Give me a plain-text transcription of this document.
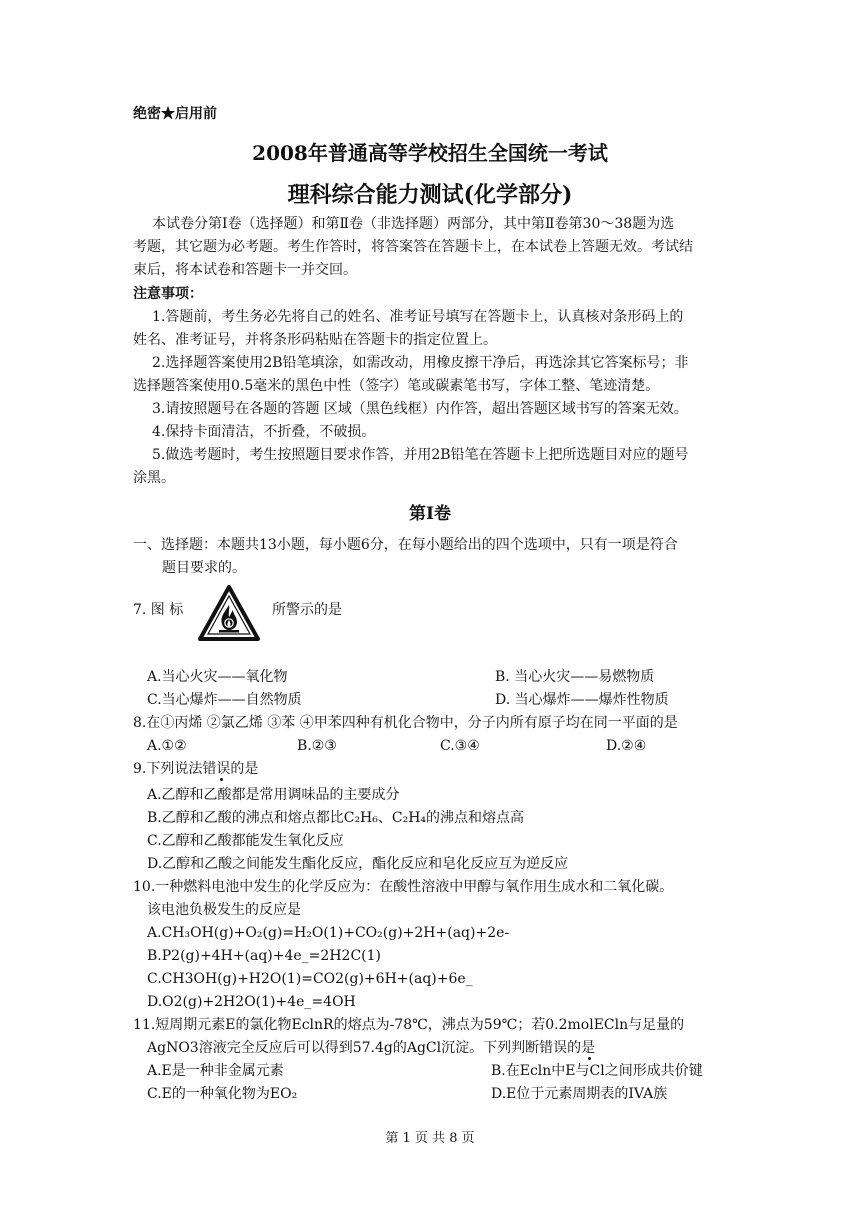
绝密★启用前
2008年普通高等学校招生全国统一考试
理科综合能力测试(化学部分)
本试卷分第Ⅰ卷（选择题）和第Ⅱ卷（非选择题）两部分，其中第Ⅱ卷第30～38题为选
考题，其它题为必考题。考生作答时，将答案答在答题卡上，在本试卷上答题无效。考试结
束后，将本试卷和答题卡一并交回。
注意事项：
1.答题前，考生务必先将自己的姓名、准考证号填写在答题卡上，认真核对条形码上的
姓名、准考证号，并将条形码粘贴在答题卡的指定位置上。
2.选择题答案使用2B铅笔填涂，如需改动，用橡皮擦干净后，再选涂其它答案标号；非
选择题答案使用0.5毫米的黑色中性（签字）笔或碳素笔书写，字体工整、笔迹清楚。
3.请按照题号在各题的答题 区域（黑色线框）内作答，超出答题区域书写的答案无效。
4.保持卡面清洁，不折叠，不破损。
5.做选考题时，考生按照题目要求作答，并用2B铅笔在答题卡上把所选题目对应的题号
涂黑。
第Ⅰ卷
一、选择题：本题共13小题，每小题6分，在每小题给出的四个选项中，只有一项是符合
题目要求的。
7. 图 标	所警示的是
A.当心火灾——氧化物	B. 当心火灾——易燃物质
C.当心爆炸——自然物质	D. 当心爆炸——爆炸性物质
8.在①丙烯 ②氯乙烯 ③苯 ④甲苯四种有机化合物中，分子内所有原子均在同一平面的是
A.①②	B.②③	C.③④	D.②④
9.下列说法错误的是
A.乙醇和乙酸都是常用调味品的主要成分
B.乙醇和乙酸的沸点和熔点都比C₂H₆、C₂H₄的沸点和熔点高
C.乙醇和乙酸都能发生氧化反应
D.乙醇和乙酸之间能发生酯化反应，酯化反应和皂化反应互为逆反应
10.一种燃料电池中发生的化学反应为：在酸性溶液中甲醇与氧作用生成水和二氧化碳。
该电池负极发生的反应是
A.CH₃OH(g)+O₂(g)=H₂O(1)+CO₂(g)+2H+(aq)+2e-
B.P2(g)+4H+(aq)+4e_=2H2C(1)
C.CH3OH(g)+H2O(1)=CO2(g)+6H+(aq)+6e_
D.O2(g)+2H2O(1)+4e_=4OH
11.短周期元素E的氯化物EclnR的熔点为-78℃，沸点为59℃；若0.2molECln与足量的
AgNO3溶液完全反应后可以得到57.4g的AgCl沉淀。下列判断错误的是
A.E是一种非金属元素	B.在Ecln中E与Cl之间形成共价键
C.E的一种氧化物为EO₂	D.E位于元素周期表的IVA族
第 1 页 共 8 页
